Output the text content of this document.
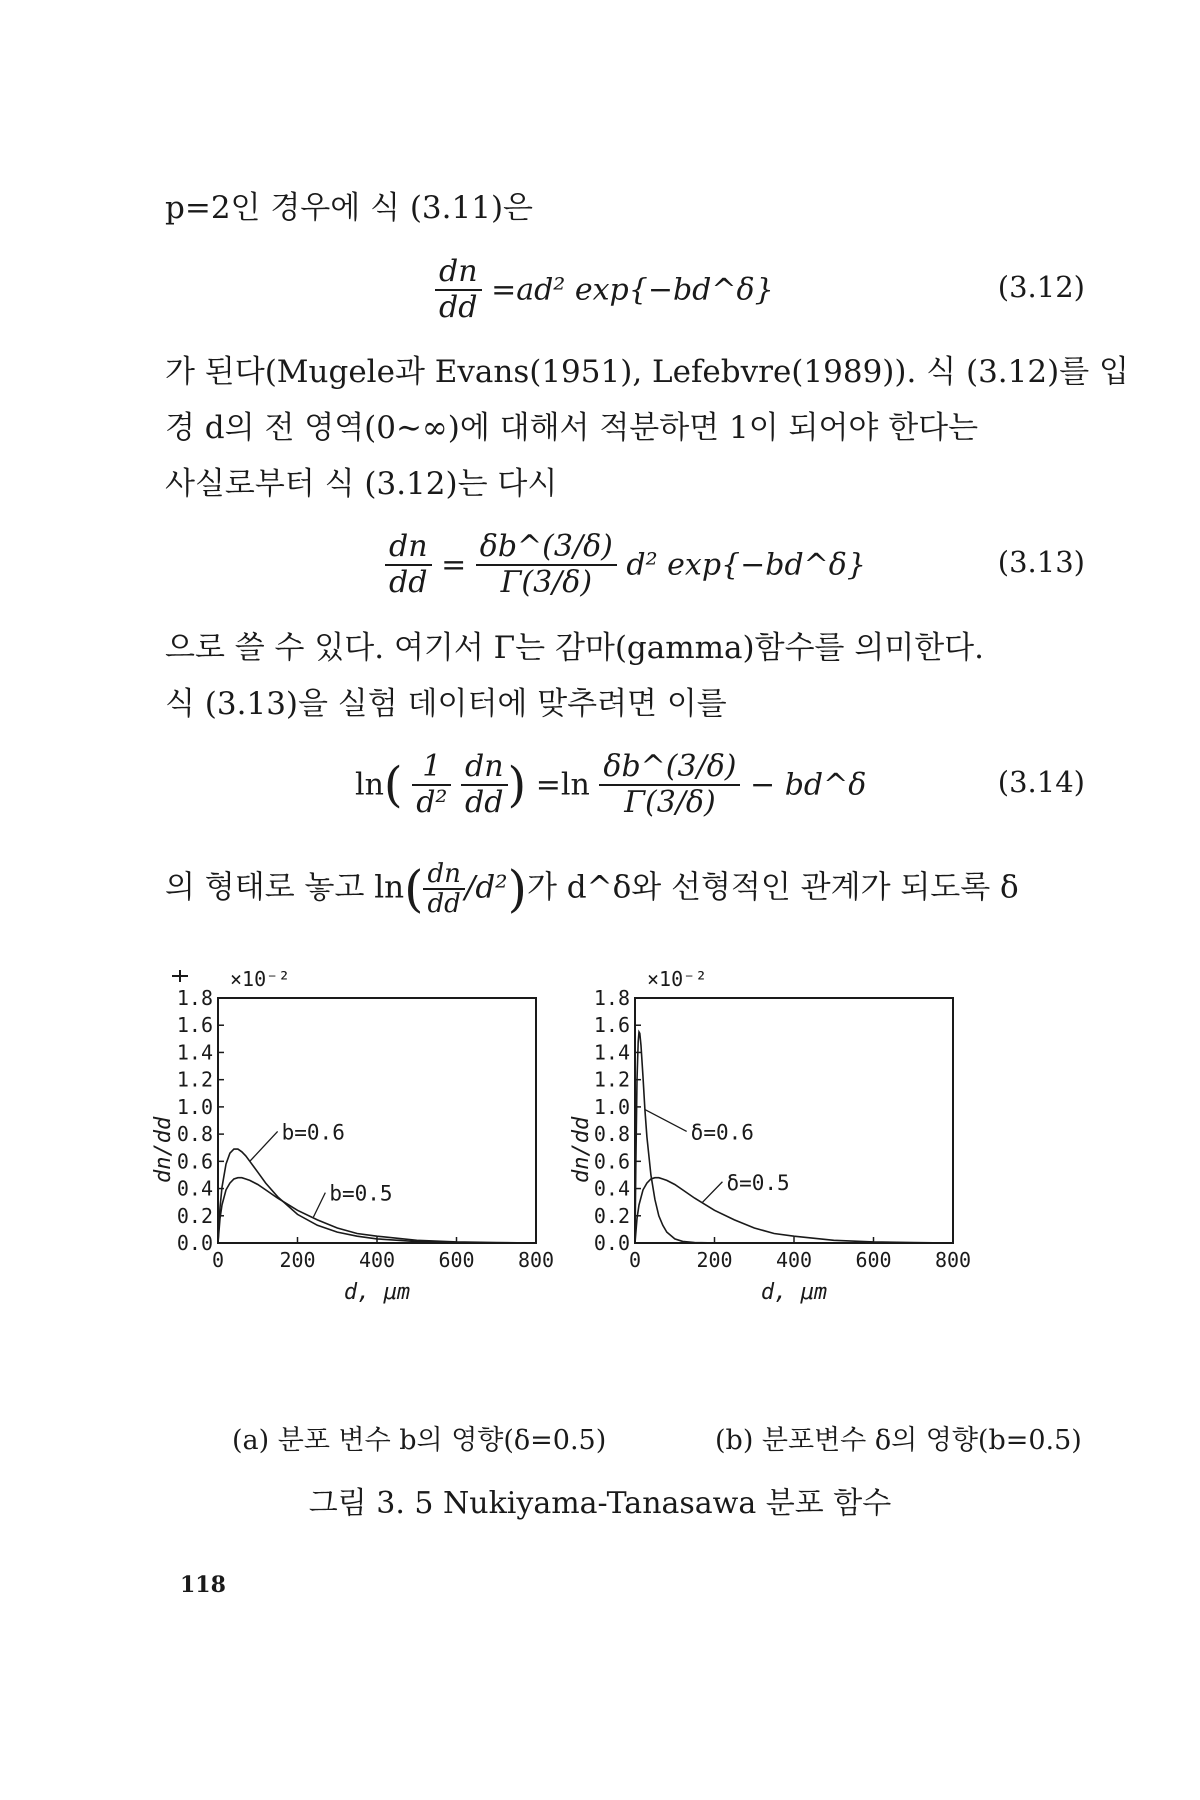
p=2인 경우에 식 (3.11)은
$\frac{dn}{dd} =ad^2$ exp{−bd^δ}	(3.12)
가 된다(Mugele과 Evans(1951), Lefebvre(1989)). 식 (3.12)를 입
경 d의 전 영역(0∼∞)에 대해서 적분하면 1이 되어야 한다는
사실로부터 식 (3.12)는 다시
$\frac{dn}{dd} = \frac{\delta b\^{}(3/\delta)}{\Gamma(3/\delta)} d^2$ exp{−bd^δ}	(3.13)
으로 쓸 수 있다. 여기서 Γ는 감마(gamma)함수를 의미한다.
식 (3.13)을 실험 데이터에 맞추려면 이를
$\ln( \frac{1}{\text{d²}}$
$\frac{dn}{dd}$ ) $=\ln \frac{\delta b\^{}(3/\delta)}{\Gamma(3/\delta)}$ − bd^δ	(3.14)
의 형태로 놓고 $\ln( \frac{dn}{dd} /d^2)$가 d^δ와 선형적인 관계가 되도록 δ
0.0
0.2
0.4
0.6
0.8
1.0
1.2
1.4
1.6
1.8
0	200 400 600 800
×10⁻²
dn/dd
d, μm
b=0.6
b=0.5
0.0
0.2
0.4
0.6
0.8
1.0
1.2
1.4
1.6
1.8
0	200 400 600 800
×10⁻²
dn/dd
d, μm
δ=0.6
δ=0.5
(a) 분포 변수 b의 영향(δ=0.5)	(b) 분포변수 δ의 영향(b=0.5)
그림 3. 5 Nukiyama-Tanasawa 분포 함수
118
